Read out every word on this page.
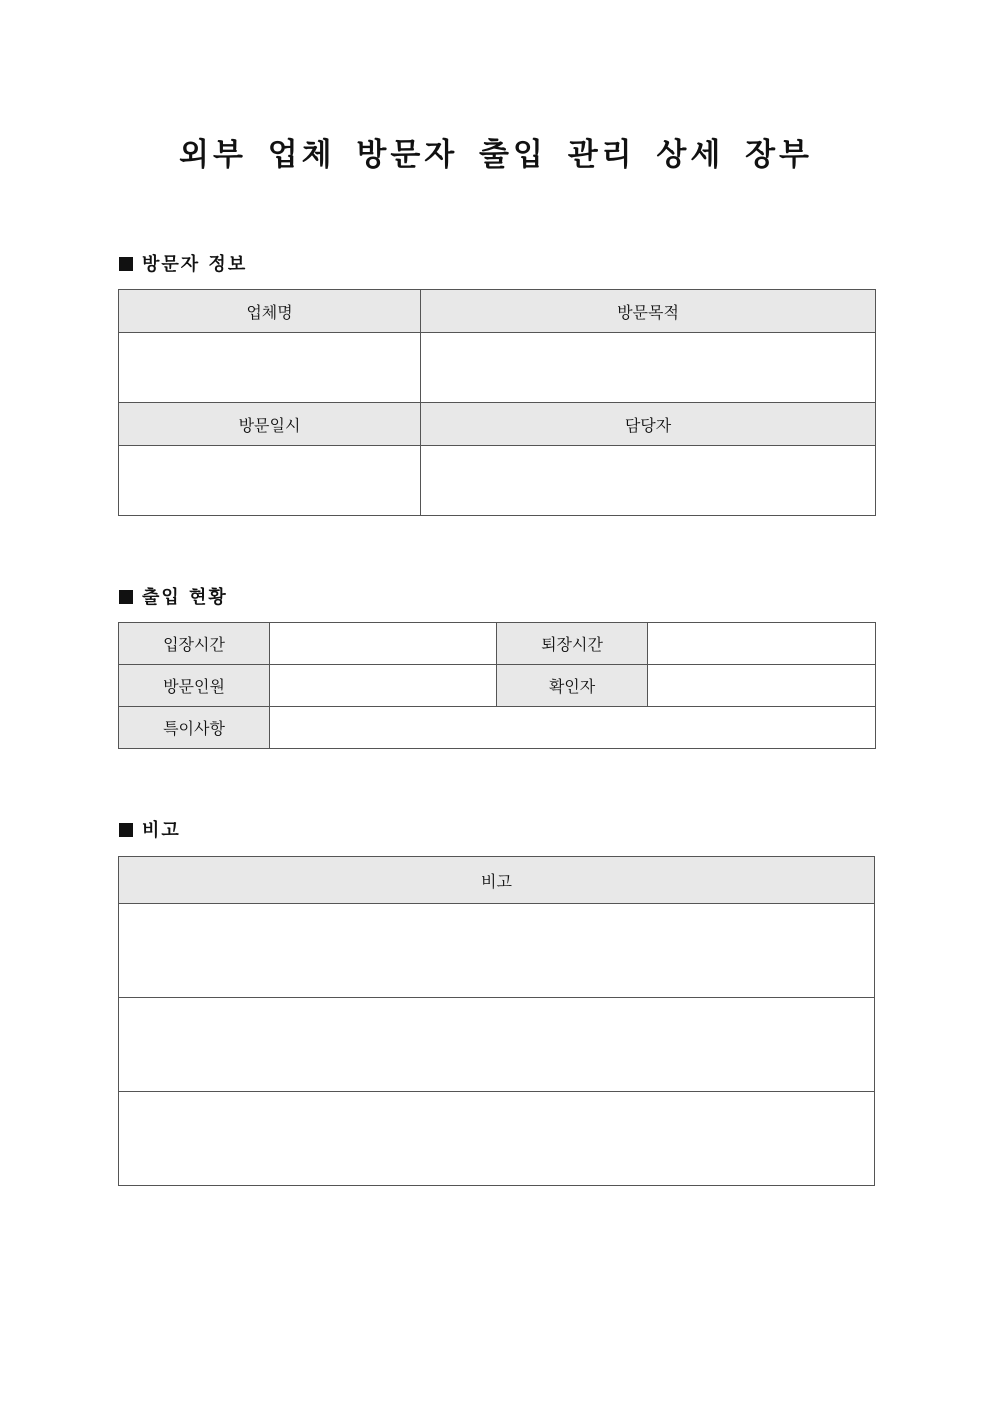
외부 업체 방문자 출입 관리 상세 장부
방문자 정보
업체명	방문목적

방문일시	담당자

출입 현황
입장시간		퇴장시간	
방문인원		확인자	
특이사항			
비고
비고
